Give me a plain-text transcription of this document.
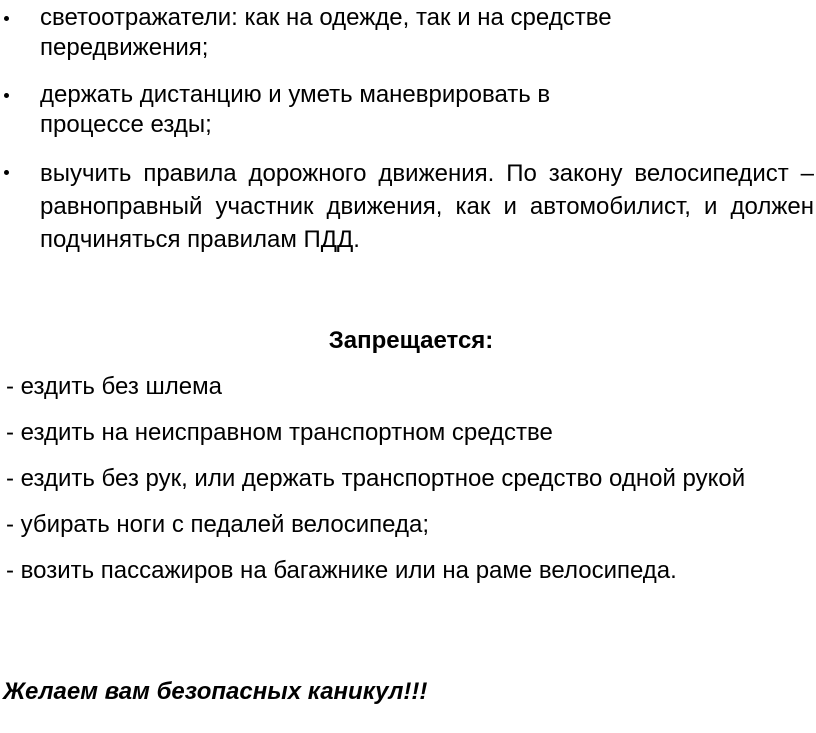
светоотражатели: как на одежде, так и на средстве передвижения;
держать дистанцию и уметь маневрировать в процессе езды;
выучить правила дорожного движения. По закону велосипедист – равноправный участник движения, как и автомобилист, и должен подчиняться правилам ПДД.
Запрещается:
- ездить без шлема
- ездить на неисправном транспортном средстве
- ездить без рук, или держать транспортное средство одной рукой
- убирать ноги с педалей велосипеда;
- возить пассажиров на багажнике или на раме велосипеда.
Желаем вам безопасных каникул!!!
